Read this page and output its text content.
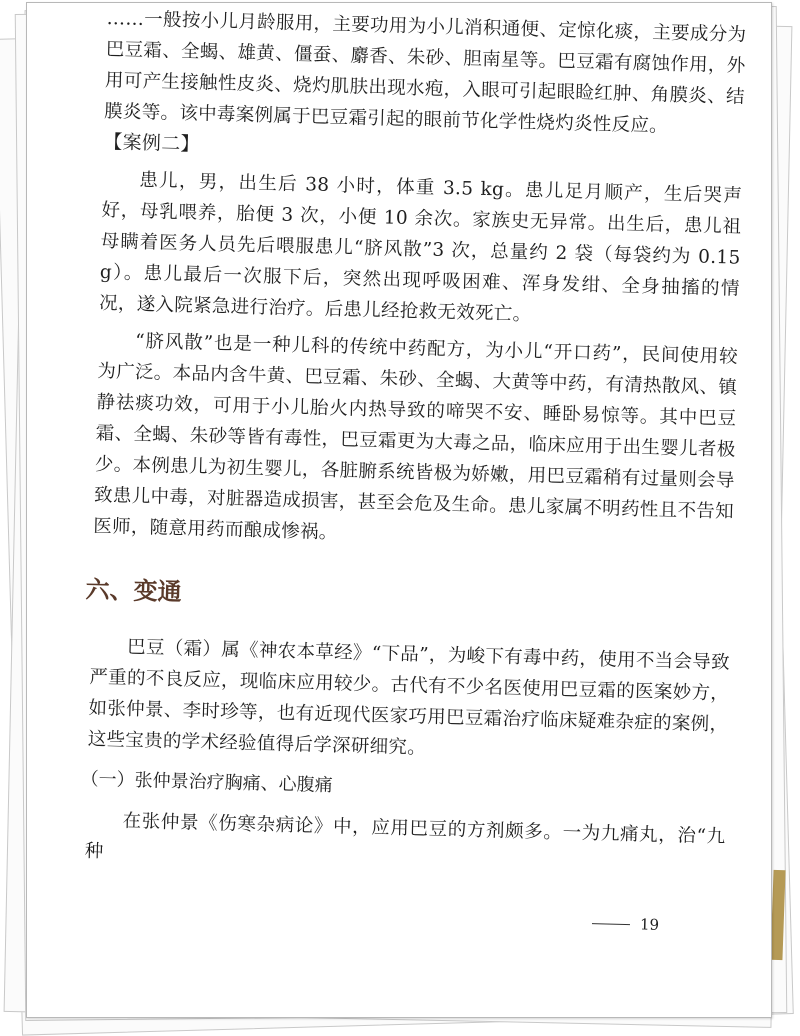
……一般按小儿月龄服用，主要功用为小儿消积通便、定惊化痰，主要成分为巴豆霜、全蝎、雄黄、僵蚕、麝香、朱砂、胆南星等。巴豆霜有腐蚀作用，外用可产生接触性皮炎、烧灼肌肤出现水疱，入眼可引起眼睑红肿、角膜炎、结膜炎等。该中毒案例属于巴豆霜引起的眼前节化学性烧灼炎性反应。

【案例二】

患儿，男，出生后 38 小时，体重 3.5 kg。患儿足月顺产，生后哭声好，母乳喂养，胎便 3 次，小便 10 余次。家族史无异常。出生后，患儿祖母瞒着医务人员先后喂服患儿“脐风散”3 次，总量约 2 袋（每袋约为 0.15 g）。患儿最后一次服下后，突然出现呼吸困难、浑身发绀、全身抽搐的情况，遂入院紧急进行治疗。后患儿经抢救无效死亡。

“脐风散”也是一种儿科的传统中药配方，为小儿“开口药”，民间使用较为广泛。本品内含牛黄、巴豆霜、朱砂、全蝎、大黄等中药，有清热散风、镇静祛痰功效，可用于小儿胎火内热导致的啼哭不安、睡卧易惊等。其中巴豆霜、全蝎、朱砂等皆有毒性，巴豆霜更为大毒之品，临床应用于出生婴儿者极少。本例患儿为初生婴儿，各脏腑系统皆极为娇嫩，用巴豆霜稍有过量则会导致患儿中毒，对脏器造成损害，甚至会危及生命。患儿家属不明药性且不告知医师，随意用药而酿成惨祸。

六、变通

巴豆（霜）属《神农本草经》“下品”，为峻下有毒中药，使用不当会导致严重的不良反应，现临床应用较少。古代有不少名医使用巴豆霜的医案妙方，如张仲景、李时珍等，也有近现代医家巧用巴豆霜治疗临床疑难杂症的案例，这些宝贵的学术经验值得后学深研细究。

（一）张仲景治疗胸痛、心腹痛

在张仲景《伤寒杂病论》中，应用巴豆的方剂颇多。一为九痛丸，治“九种

19
